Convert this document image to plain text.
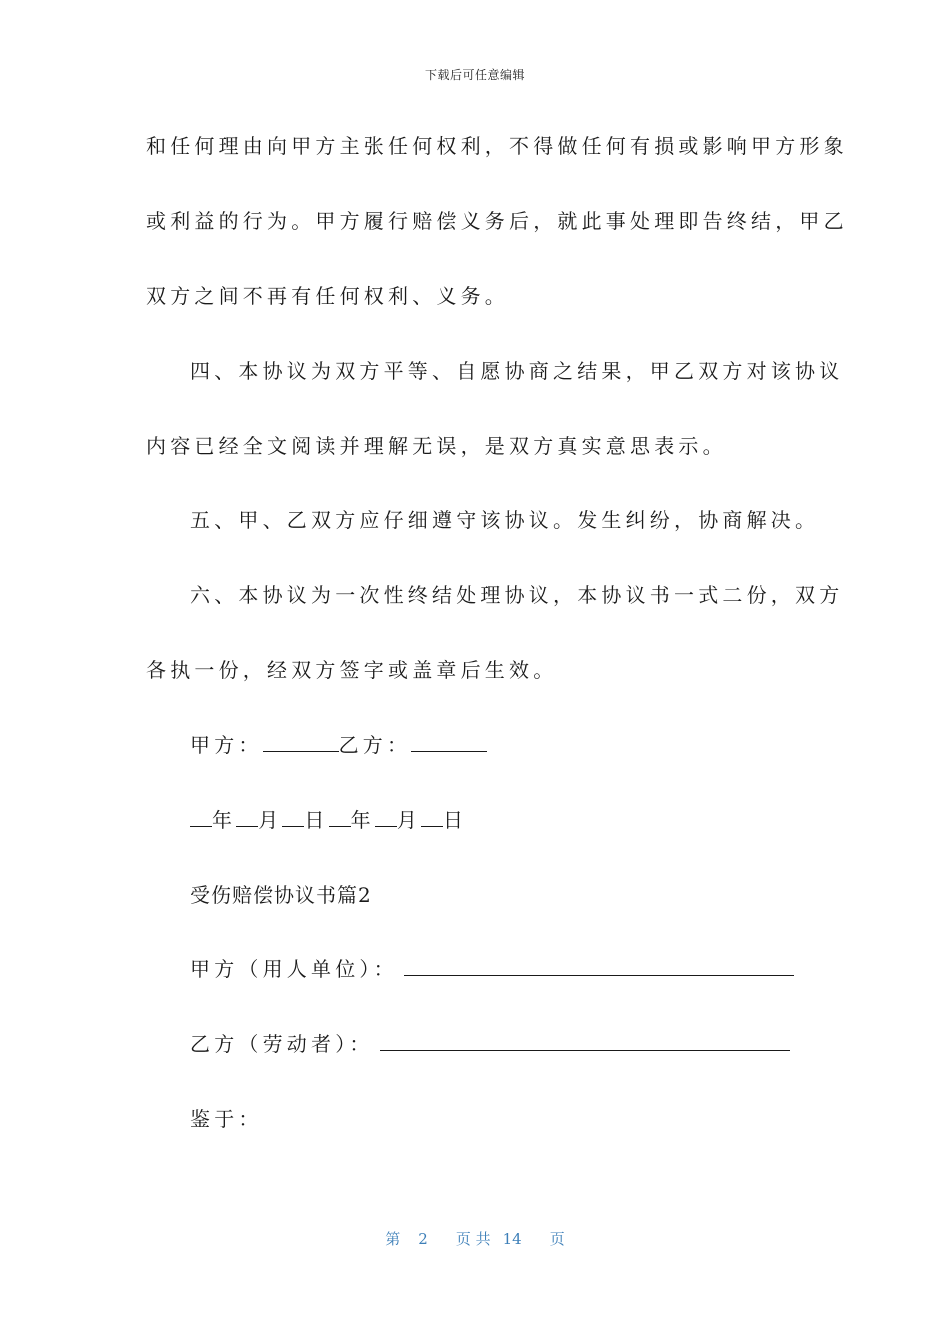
下载后可任意编辑
和任何理由向甲方主张任何权利，不得做任何有损或影响甲方形象
或利益的行为。甲方履行赔偿义务后，就此事处理即告终结，甲乙
双方之间不再有任何权利、义务。
四、本协议为双方平等、自愿协商之结果，甲乙双方对该协议
内容已经全文阅读并理解无误，是双方真实意思表示。
五、甲、乙双方应仔细遵守该协议。发生纠纷，协商解决。
六、本协议为一次性终结处理协议，本协议书一式二份，双方
各执一份，经双方签字或盖章后生效。
甲方：	乙方：
年 月 日 年 月 日
受伤赔偿协议书篇2
甲方（用人单位）：
乙方（劳动者）：
鉴于：
第 2 页 共 14 页
